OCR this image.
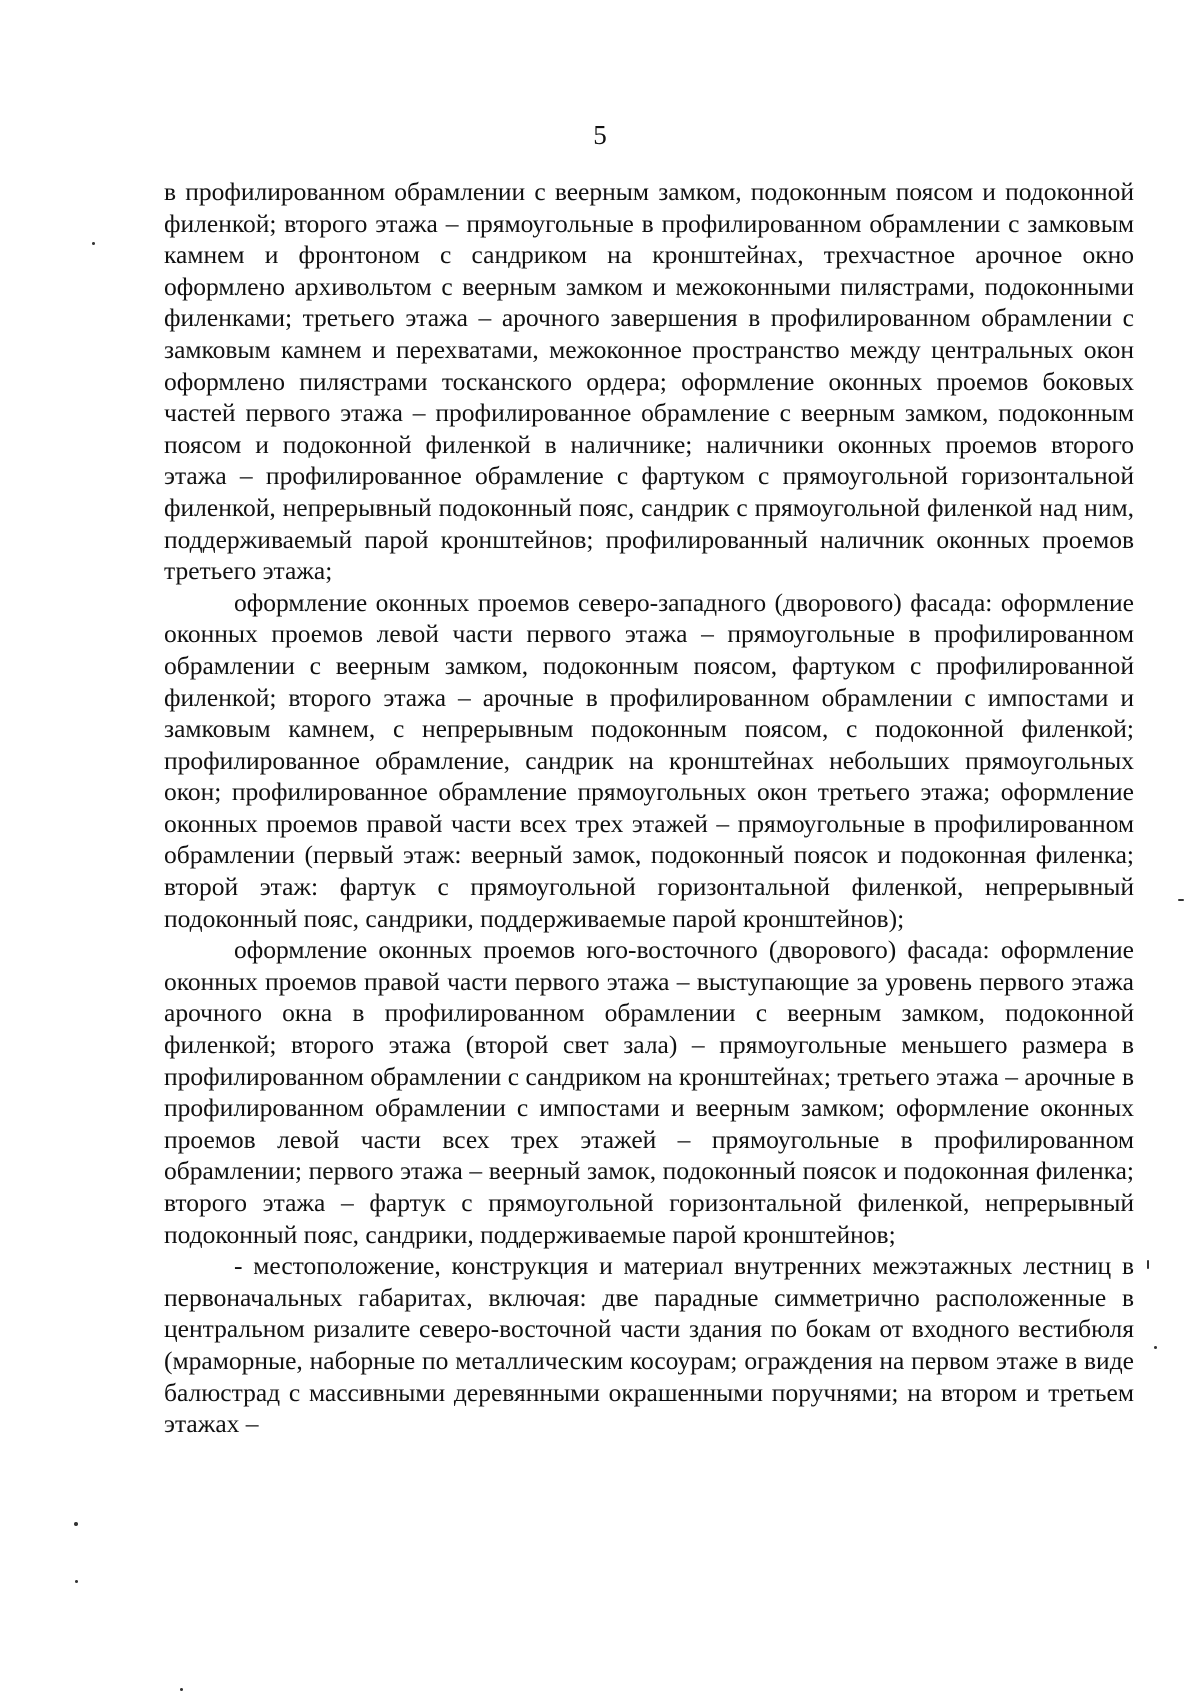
5

в профилированном обрамлении с веерным замком, подоконным поясом и подоконной филенкой; второго этажа – прямоугольные в профилированном обрамлении с замковым камнем и фронтоном с сандриком на кронштейнах, трехчастное арочное окно оформлено архивольтом с веерным замком и межоконными пилястрами, подоконными филенками; третьего этажа – арочного завершения в профилированном обрамлении с замковым камнем и перехватами, межоконное пространство между центральных окон оформлено пилястрами тосканского ордера; оформление оконных проемов боковых частей первого этажа – профилированное обрамление с веерным замком, подоконным поясом и подоконной филенкой в наличнике; наличники оконных проемов второго этажа – профилированное обрамление с фартуком с прямоугольной горизонтальной филенкой, непрерывный подоконный пояс, сандрик с прямоугольной филенкой над ним, поддерживаемый парой кронштейнов; профилированный наличник оконных проемов третьего этажа;

оформление оконных проемов северо-западного (дворового) фасада: оформление оконных проемов левой части первого этажа – прямоугольные в профилированном обрамлении с веерным замком, подоконным поясом, фартуком с профилированной филенкой; второго этажа – арочные в профилированном обрамлении с импостами и замковым камнем, с непрерывным подоконным поясом, с подоконной филенкой; профилированное обрамление, сандрик на кронштейнах небольших прямоугольных окон; профилированное обрамление прямоугольных окон третьего этажа; оформление оконных проемов правой части всех трех этажей – прямоугольные в профилированном обрамлении (первый этаж: веерный замок, подоконный поясок и подоконная филенка; второй этаж: фартук с прямоугольной горизонтальной филенкой, непрерывный подоконный пояс, сандрики, поддерживаемые парой кронштейнов);

оформление оконных проемов юго-восточного (дворового) фасада: оформление оконных проемов правой части первого этажа – выступающие за уровень первого этажа арочного окна в профилированном обрамлении с веерным замком, подоконной филенкой; второго этажа (второй свет зала) – прямоугольные меньшего размера в профилированном обрамлении с сандриком на кронштейнах; третьего этажа – арочные в профилированном обрамлении с импостами и веерным замком; оформление оконных проемов левой части всех трех этажей – прямоугольные в профилированном обрамлении; первого этажа – веерный замок, подоконный поясок и подоконная филенка; второго этажа – фартук с прямоугольной горизонтальной филенкой, непрерывный подоконный пояс, сандрики, поддерживаемые парой кронштейнов;

- местоположение, конструкция и материал внутренних межэтажных лестниц в первоначальных габаритах, включая: две парадные симметрично расположенные в центральном ризалите северо-восточной части здания по бокам от входного вестибюля (мраморные, наборные по металлическим косоурам; ограждения на первом этаже в виде балюстрад с массивными деревянными окрашенными поручнями; на втором и третьем этажах –
